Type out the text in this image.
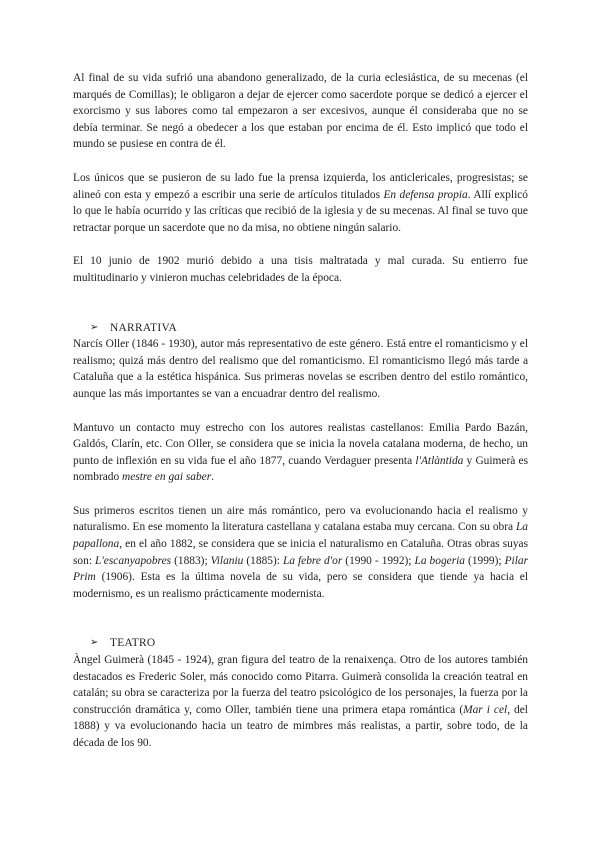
Al final de su vida sufrió una abandono generalizado, de la curia eclesiástica, de su mecenas (el marqués de Comillas); le obligaron a dejar de ejercer como sacerdote porque se dedicó a ejercer el exorcismo y sus labores como tal empezaron a ser excesivos, aunque él consideraba que no se debía terminar. Se negó a obedecer a los que estaban por encima de él. Esto implicó que todo el mundo se pusiese en contra de él.

Los únicos que se pusieron de su lado fue la prensa izquierda, los anticlericales, progresistas; se alineó con esta y empezó a escribir una serie de artículos titulados En defensa propia. Allí explicó lo que le había ocurrido y las críticas que recibió de la iglesia y de su mecenas. Al final se tuvo que retractar porque un sacerdote que no da misa, no obtiene ningún salario.

El 10 junio de 1902 murió debido a una tisis maltratada y mal curada. Su entierro fue multitudinario y vinieron muchas celebridades de la época.

➢ NARRATIVA

Narcís Oller (1846 - 1930), autor más representativo de este género. Está entre el romanticismo y el realismo; quizá más dentro del realismo que del romanticismo. El romanticismo llegó más tarde a Cataluña que a la estética hispánica. Sus primeras novelas se escriben dentro del estilo romántico, aunque las más importantes se van a encuadrar dentro del realismo.

Mantuvo un contacto muy estrecho con los autores realistas castellanos: Emilia Pardo Bazán, Galdós, Clarín, etc. Con Oller, se considera que se inicia la novela catalana moderna, de hecho, un punto de inflexión en su vida fue el año 1877, cuando Verdaguer presenta l'Atlàntida y Guimerà es nombrado mestre en gai saber.

Sus primeros escritos tienen un aire más romántico, pero va evolucionando hacia el realismo y naturalismo. En ese momento la literatura castellana y catalana estaba muy cercana. Con su obra La papallona, en el año 1882, se considera que se inicia el naturalismo en Cataluña. Otras obras suyas son: L'escanyapobres (1883); Vilaniu (1885): La febre d'or (1990 - 1992); La bogeria (1999); Pilar Prim (1906). Esta es la última novela de su vida, pero se considera que tiende ya hacia el modernismo, es un realismo prácticamente modernista.

➢ TEATRO

Àngel Guimerà (1845 - 1924), gran figura del teatro de la renaixença. Otro de los autores también destacados es Frederic Soler, más conocido como Pitarra. Guimerà consolida la creación teatral en catalán; su obra se caracteriza por la fuerza del teatro psicológico de los personajes, la fuerza por la construcción dramática y, como Oller, también tiene una primera etapa romántica (Mar i cel, del 1888) y va evolucionando hacia un teatro de mimbres más realistas, a partir, sobre todo, de la década de los 90.
